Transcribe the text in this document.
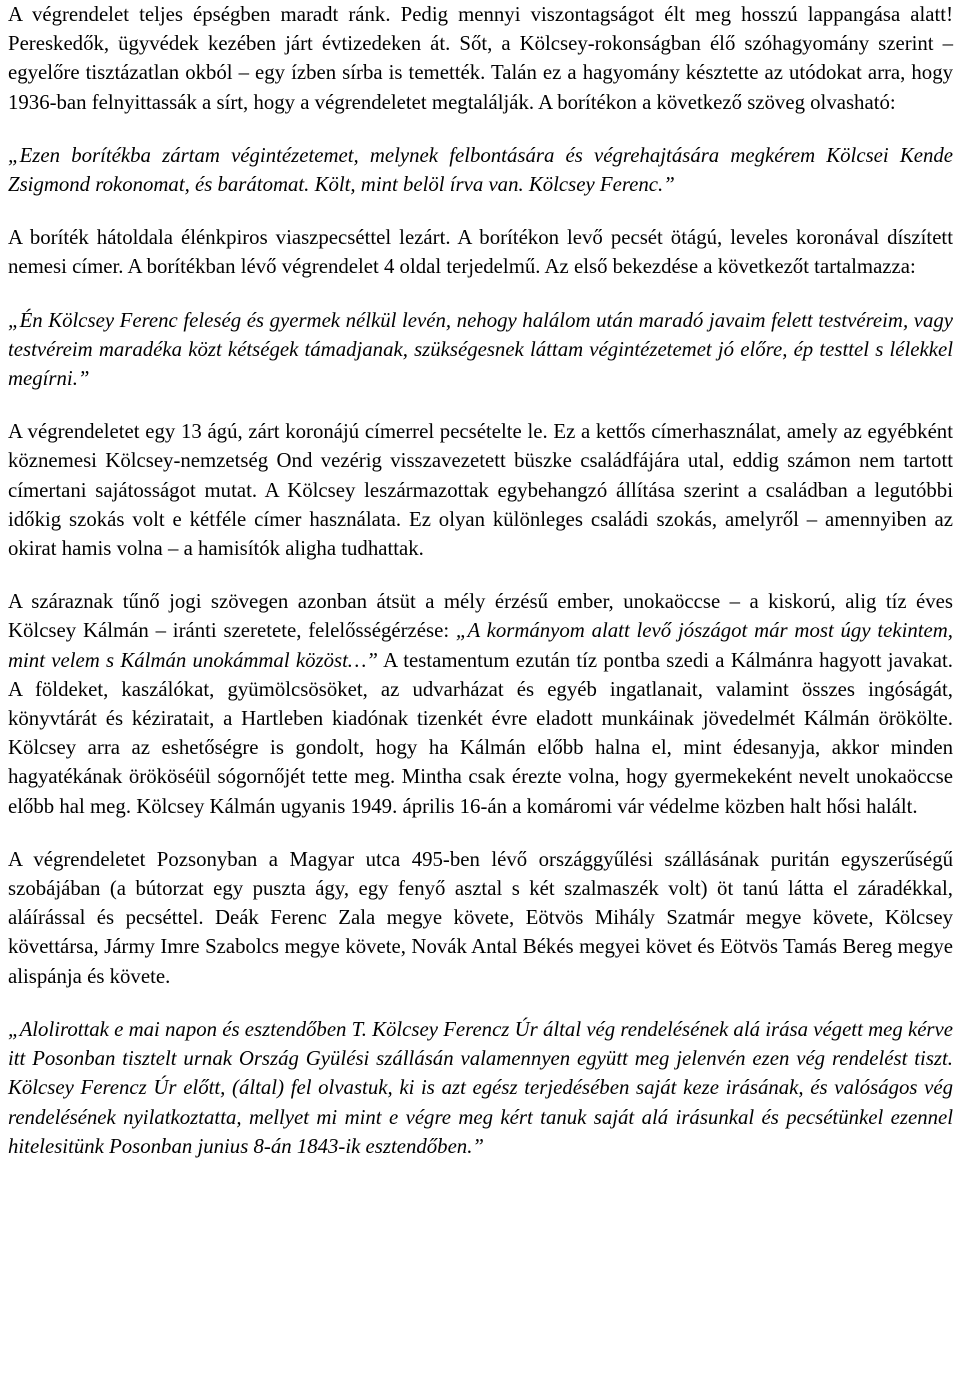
A végrendelet teljes épségben maradt ránk. Pedig mennyi viszontagságot élt meg hosszú lappangása alatt! Pereskedők, ügyvédek kezében járt évtizedeken át. Sőt, a Kölcsey-rokonságban élő szóhagyomány szerint – egyelőre tisztázatlan okból – egy ízben sírba is temették. Talán ez a hagyomány késztette az utódokat arra, hogy 1936-ban felnyittassák a sírt, hogy a végrendeletet megtalálják. A borítékon a következő szöveg olvasható:

„Ezen borítékba zártam végintézetemet, melynek felbontására és végrehajtására megkérem Kölcsei Kende Zsigmond rokonomat, és barátomat. Költ, mint belöl írva van. Kölcsey Ferenc.”

A boríték hátoldala élénkpiros viaszpecséttel lezárt. A borítékon levő pecsét ötágú, leveles koronával díszített nemesi címer. A borítékban lévő végrendelet 4 oldal terjedelmű. Az első bekezdése a következőt tartalmazza:

„Én Kölcsey Ferenc feleség és gyermek nélkül levén, nehogy halálom után maradó javaim felett testvéreim, vagy testvéreim maradéka közt kétségek támadjanak, szükségesnek láttam végintézetemet jó előre, ép testtel s lélekkel megírni.”

A végrendeletet egy 13 ágú, zárt koronájú címerrel pecsételte le. Ez a kettős címerhasználat, amely az egyébként köznemesi Kölcsey-nemzetség Ond vezérig visszavezetett büszke családfájára utal, eddig számon nem tartott címertani sajátosságot mutat. A Kölcsey leszármazottak egybehangzó állítása szerint a családban a legutóbbi időkig szokás volt e kétféle címer használata. Ez olyan különleges családi szokás, amelyről – amennyiben az okirat hamis volna – a hamisítók aligha tudhattak.

A száraznak tűnő jogi szövegen azonban átsüt a mély érzésű ember, unokaöccse – a kiskorú, alig tíz éves Kölcsey Kálmán – iránti szeretete, felelősségérzése: „A kormányom alatt levő jószágot már most úgy tekintem, mint velem s Kálmán unokámmal közöst…” A testamentum ezután tíz pontba szedi a Kálmánra hagyott javakat. A földeket, kaszálókat, gyümölcsösöket, az udvarházat és egyéb ingatlanait, valamint összes ingóságát, könyvtárát és kéziratait, a Hartleben kiadónak tizenkét évre eladott munkáinak jövedelmét Kálmán örökölte. Kölcsey arra az eshetőségre is gondolt, hogy ha Kálmán előbb halna el, mint édesanyja, akkor minden hagyatékának örököséül sógornőjét tette meg. Mintha csak érezte volna, hogy gyermekeként nevelt unokaöccse előbb hal meg. Kölcsey Kálmán ugyanis 1949. április 16-án a komáromi vár védelme közben halt hősi halált.

A végrendeletet Pozsonyban a Magyar utca 495-ben lévő országgyűlési szállásának puritán egyszerűségű szobájában (a bútorzat egy puszta ágy, egy fenyő asztal s két szalmaszék volt) öt tanú látta el záradékkal, aláírással és pecséttel. Deák Ferenc Zala megye követe, Eötvös Mihály Szatmár megye követe, Kölcsey követtársa, Jármy Imre Szabolcs megye követe, Novák Antal Békés megyei követ és Eötvös Tamás Bereg megye alispánja és követe.

„Alolirottak e mai napon és esztendőben T. Kölcsey Ferencz Úr által vég rendelésének alá irása végett meg kérve itt Posonban tisztelt urnak Ország Gyülési szállásán valamennyen együtt meg jelenvén ezen vég rendelést tiszt. Kölcsey Ferencz Úr előtt, (által) fel olvastuk, ki is azt egész terjedésében saját keze irásának, és valóságos vég rendelésének nyilatkoztatta, mellyet mi mint e végre meg kért tanuk saját alá irásunkal és pecsétünkel ezennel hitelesitünk Posonban junius 8-án 1843-ik esztendőben.”
